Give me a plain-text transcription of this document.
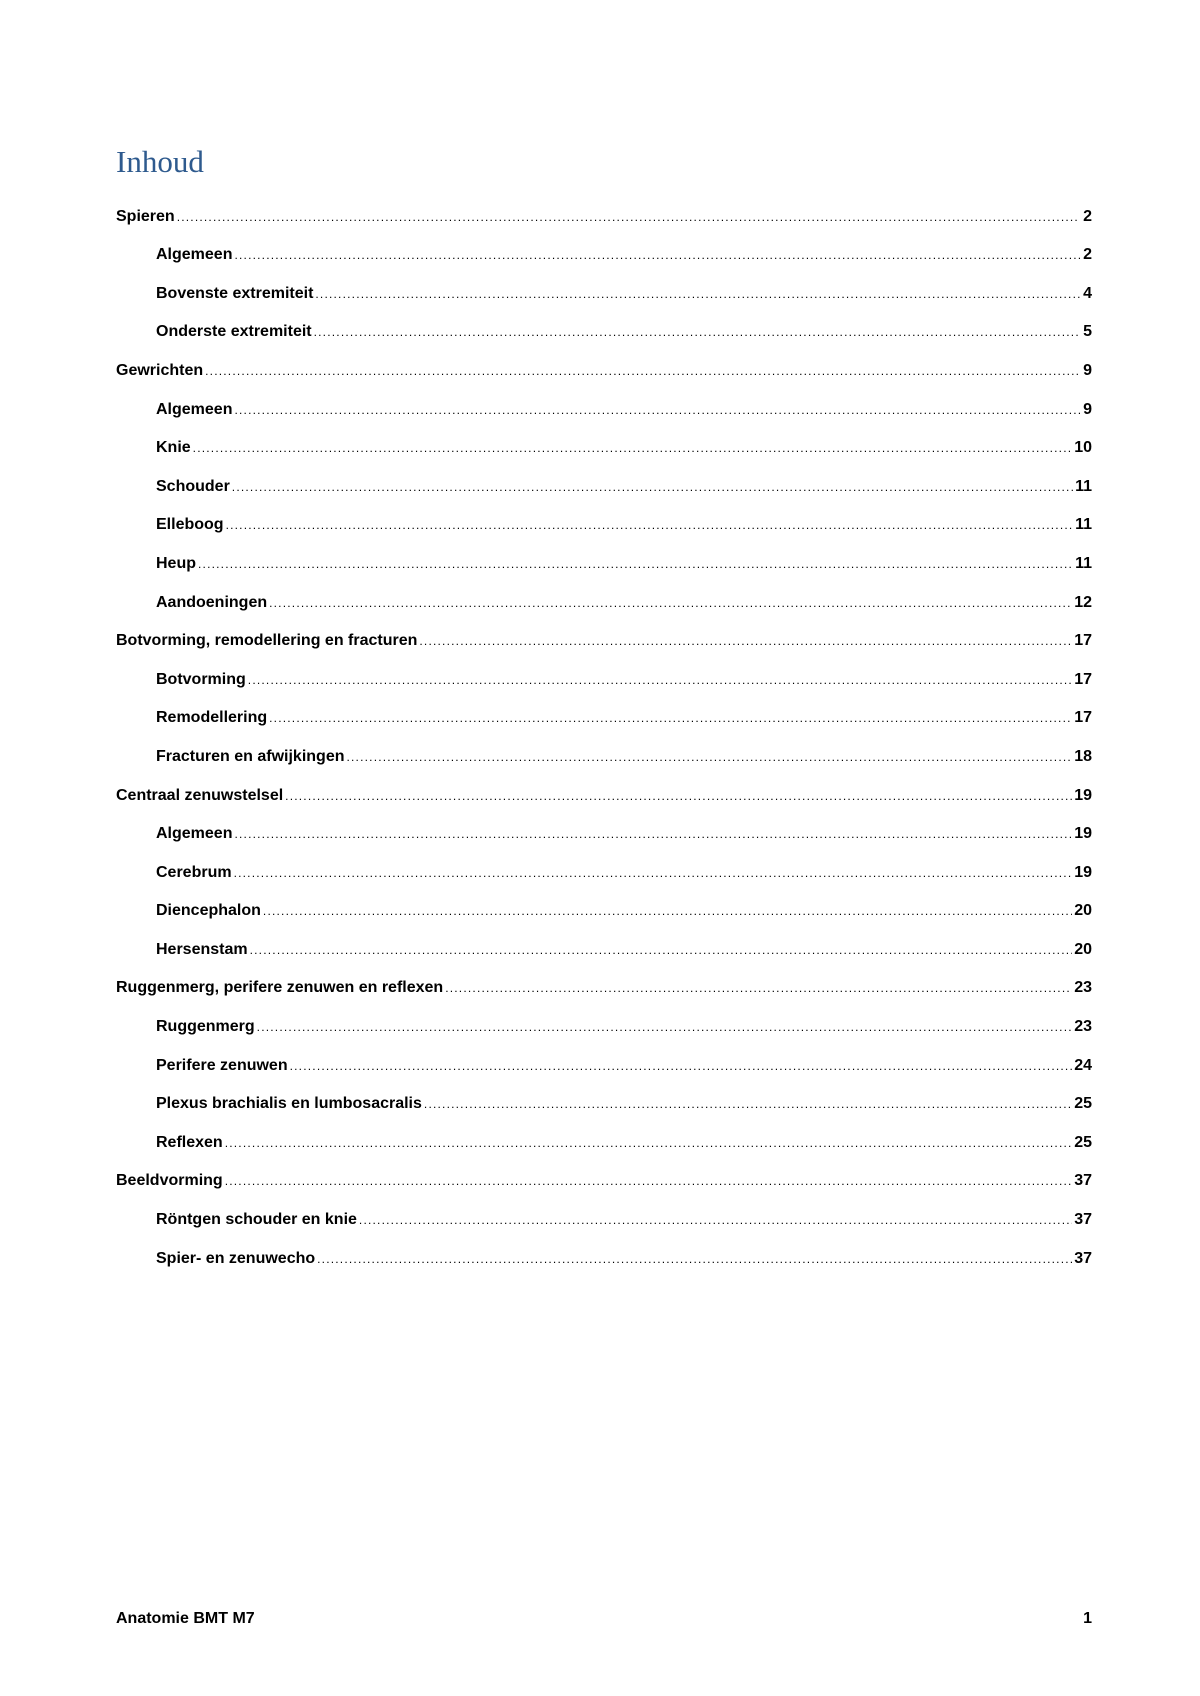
Inhoud
Spieren .....	2
Algemeen .....	2
Bovenste extremiteit .....	4
Onderste extremiteit .....	5
Gewrichten .....	9
Algemeen .....	9
Knie .....	10
Schouder .....	11
Elleboog .....	11
Heup .....	11
Aandoeningen .....	12
Botvorming, remodellering en fracturen .....	17
Botvorming .....	17
Remodellering .....	17
Fracturen en afwijkingen .....	18
Centraal zenuwstelsel .....	19
Algemeen .....	19
Cerebrum .....	19
Diencephalon .....	20
Hersenstam .....	20
Ruggenmerg, perifere zenuwen en reflexen .....	23
Ruggenmerg .....	23
Perifere zenuwen .....	24
Plexus brachialis en lumbosacralis .....	25
Reflexen .....	25
Beeldvorming .....	37
Röntgen schouder en knie .....	37
Spier- en zenuwecho .....	37
Anatomie BMT M7	1
